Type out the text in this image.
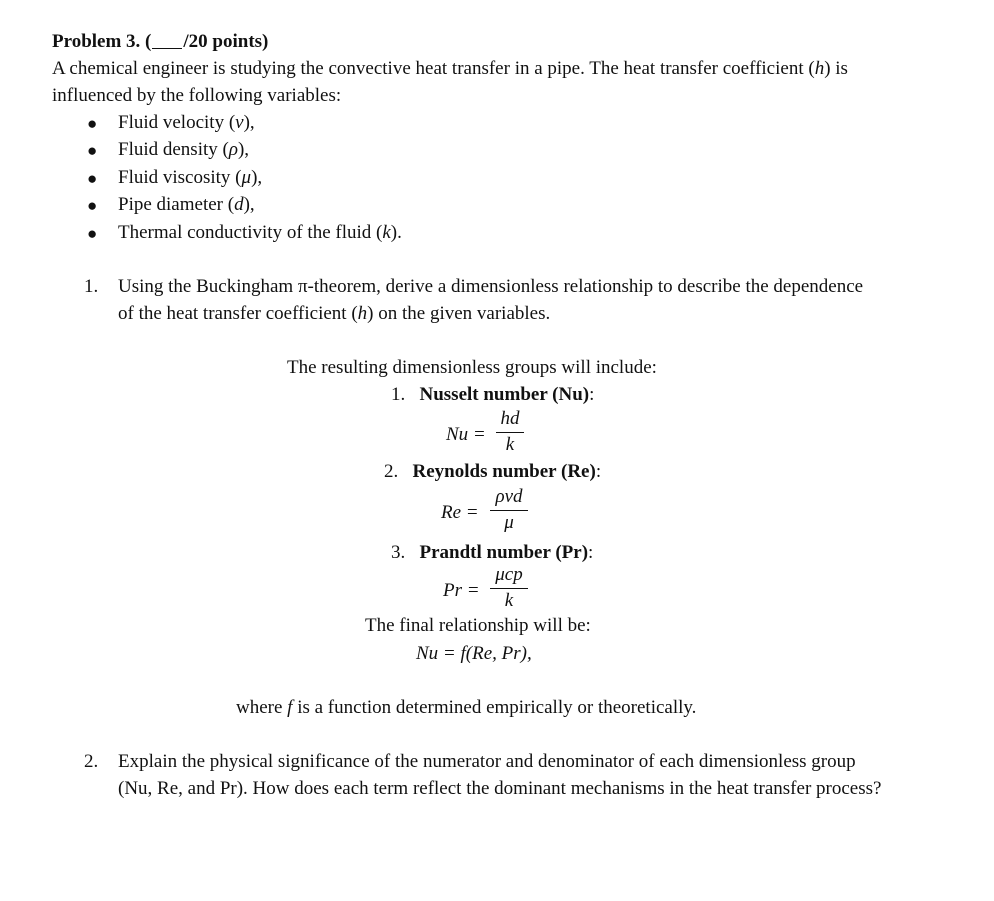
Problem 3. ( /20 points)
A chemical engineer is studying the convective heat transfer in a pipe. The heat transfer coefficient (h) is
influenced by the following variables:
● Fluid velocity (v),
● Fluid density (ρ),
● Fluid viscosity (μ),
● Pipe diameter (d),
● Thermal conductivity of the fluid (k).
1. Using the Buckingham π-theorem, derive a dimensionless relationship to describe the dependence
of the heat transfer coefficient (h) on the given variables.
The resulting dimensionless groups will include:
1. Nusselt number (Nu):
Nu =
hd
k
2. Reynolds number (Re):
Re =
ρvd
μ
3. Prandtl number (Pr):
Pr =
μcp
k
The final relationship will be:
Nu = f(Re, Pr),
where f is a function determined empirically or theoretically.
2. Explain the physical significance of the numerator and denominator of each dimensionless group
(Nu, Re, and Pr). How does each term reflect the dominant mechanisms in the heat transfer process?
